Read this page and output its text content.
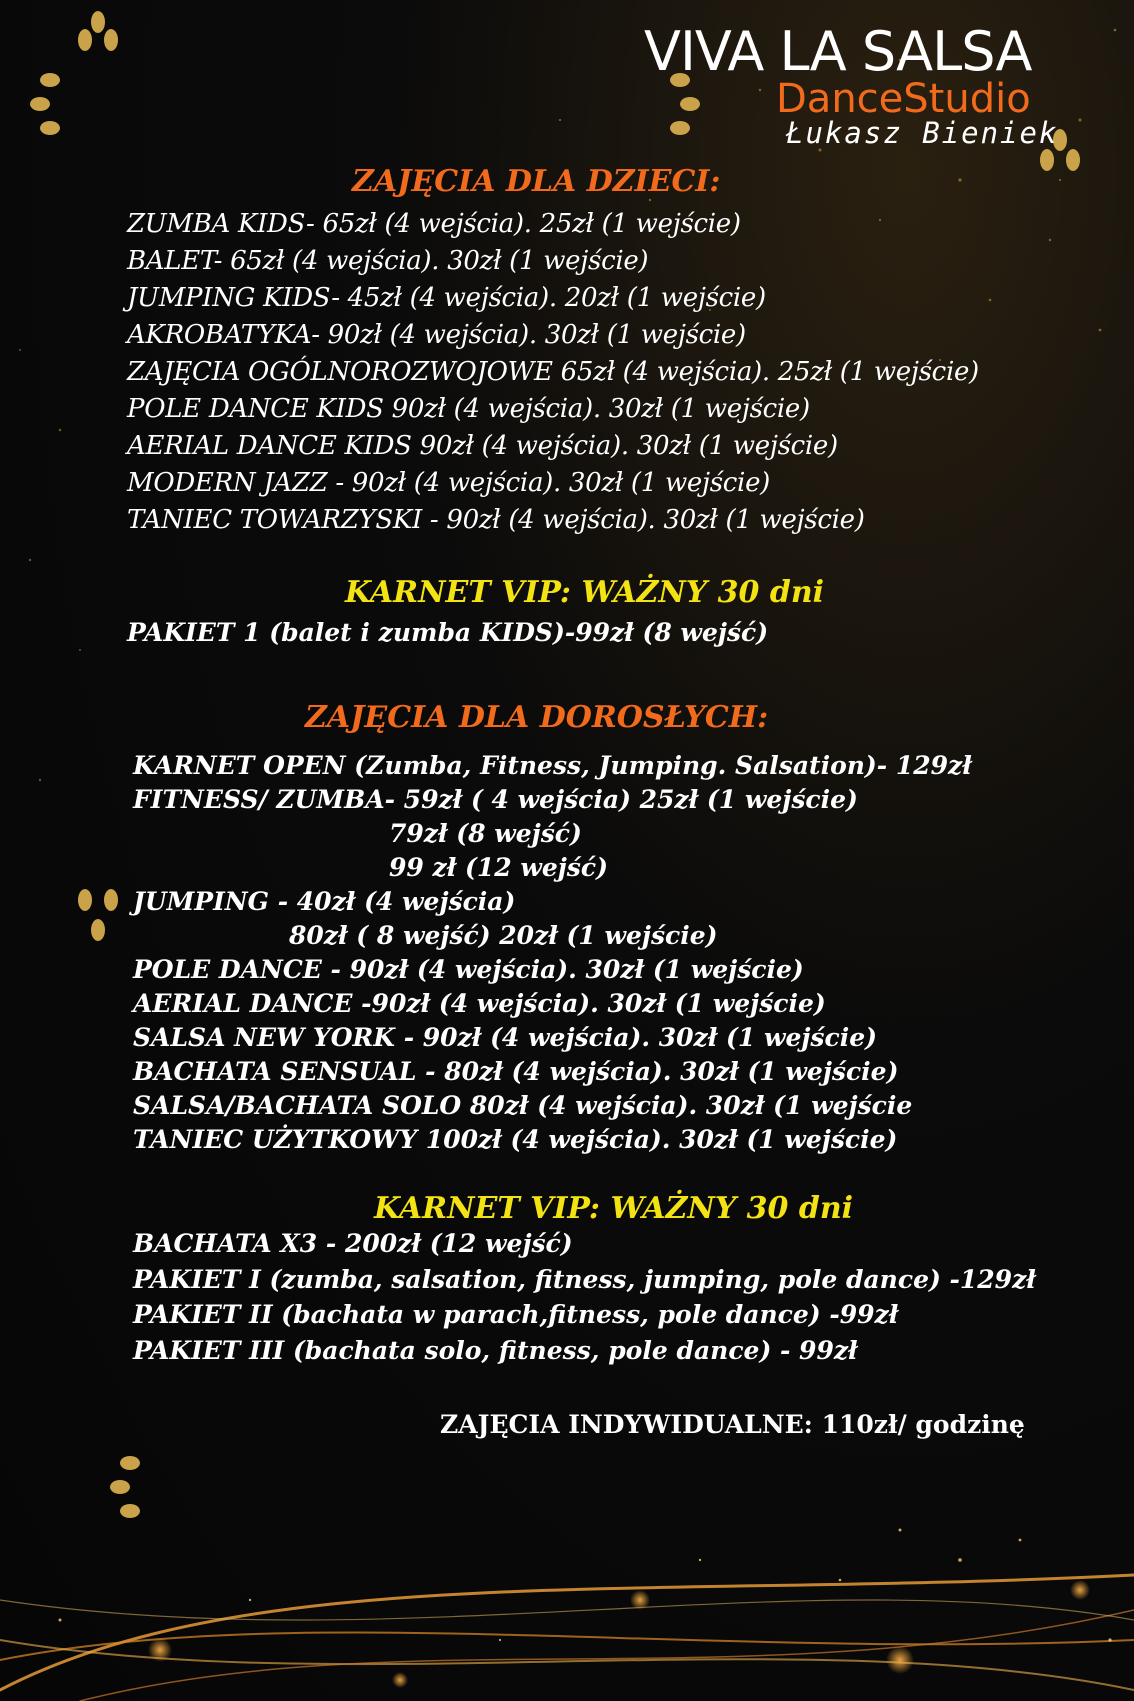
VIVA LA SALSA
DanceStudio
Łukasz Bieniek
ZAJĘCIA DLA DZIECI:
ZUMBA KIDS- 65zł (4 wejścia). 25zł (1 wejście)
BALET- 65zł (4 wejścia). 30zł (1 wejście)
JUMPING KIDS- 45zł (4 wejścia). 20zł (1 wejście)
AKROBATYKA- 90zł (4 wejścia). 30zł (1 wejście)
ZAJĘCIA OGÓLNOROZWOJOWE 65zł (4 wejścia). 25zł (1 wejście)
POLE DANCE KIDS 90zł (4 wejścia). 30zł (1 wejście)
AERIAL DANCE KIDS 90zł (4 wejścia). 30zł (1 wejście)
MODERN JAZZ - 90zł (4 wejścia). 30zł (1 wejście)
TANIEC TOWARZYSKI - 90zł (4 wejścia). 30zł (1 wejście)
KARNET VIP: WAŻNY 30 dni
PAKIET 1 (balet i zumba KIDS)-99zł (8 wejść)
ZAJĘCIA DLA DOROSŁYCH:
KARNET OPEN (Zumba, Fitness, Jumping. Salsation)- 129zł
FITNESS/ ZUMBA- 59zł ( 4 wejścia) 25zł (1 wejście)
79zł (8 wejść)
99 zł (12 wejść)
JUMPING - 40zł (4 wejścia)
80zł ( 8 wejść) 20zł (1 wejście)
POLE DANCE - 90zł (4 wejścia). 30zł (1 wejście)
AERIAL DANCE -90zł (4 wejścia). 30zł (1 wejście)
SALSA NEW YORK - 90zł (4 wejścia). 30zł (1 wejście)
BACHATA SENSUAL - 80zł (4 wejścia). 30zł (1 wejście)
SALSA/BACHATA SOLO 80zł (4 wejścia). 30zł (1 wejście
TANIEC UŻYTKOWY 100zł (4 wejścia). 30zł (1 wejście)
KARNET VIP: WAŻNY 30 dni
BACHATA X3 - 200zł (12 wejść)
PAKIET I (zumba, salsation, fitness, jumping, pole dance) -129zł
PAKIET II (bachata w parach,fitness, pole dance) -99zł
PAKIET III (bachata solo, fitness, pole dance) - 99zł
ZAJĘCIA INDYWIDUALNE: 110zł/ godzinę
